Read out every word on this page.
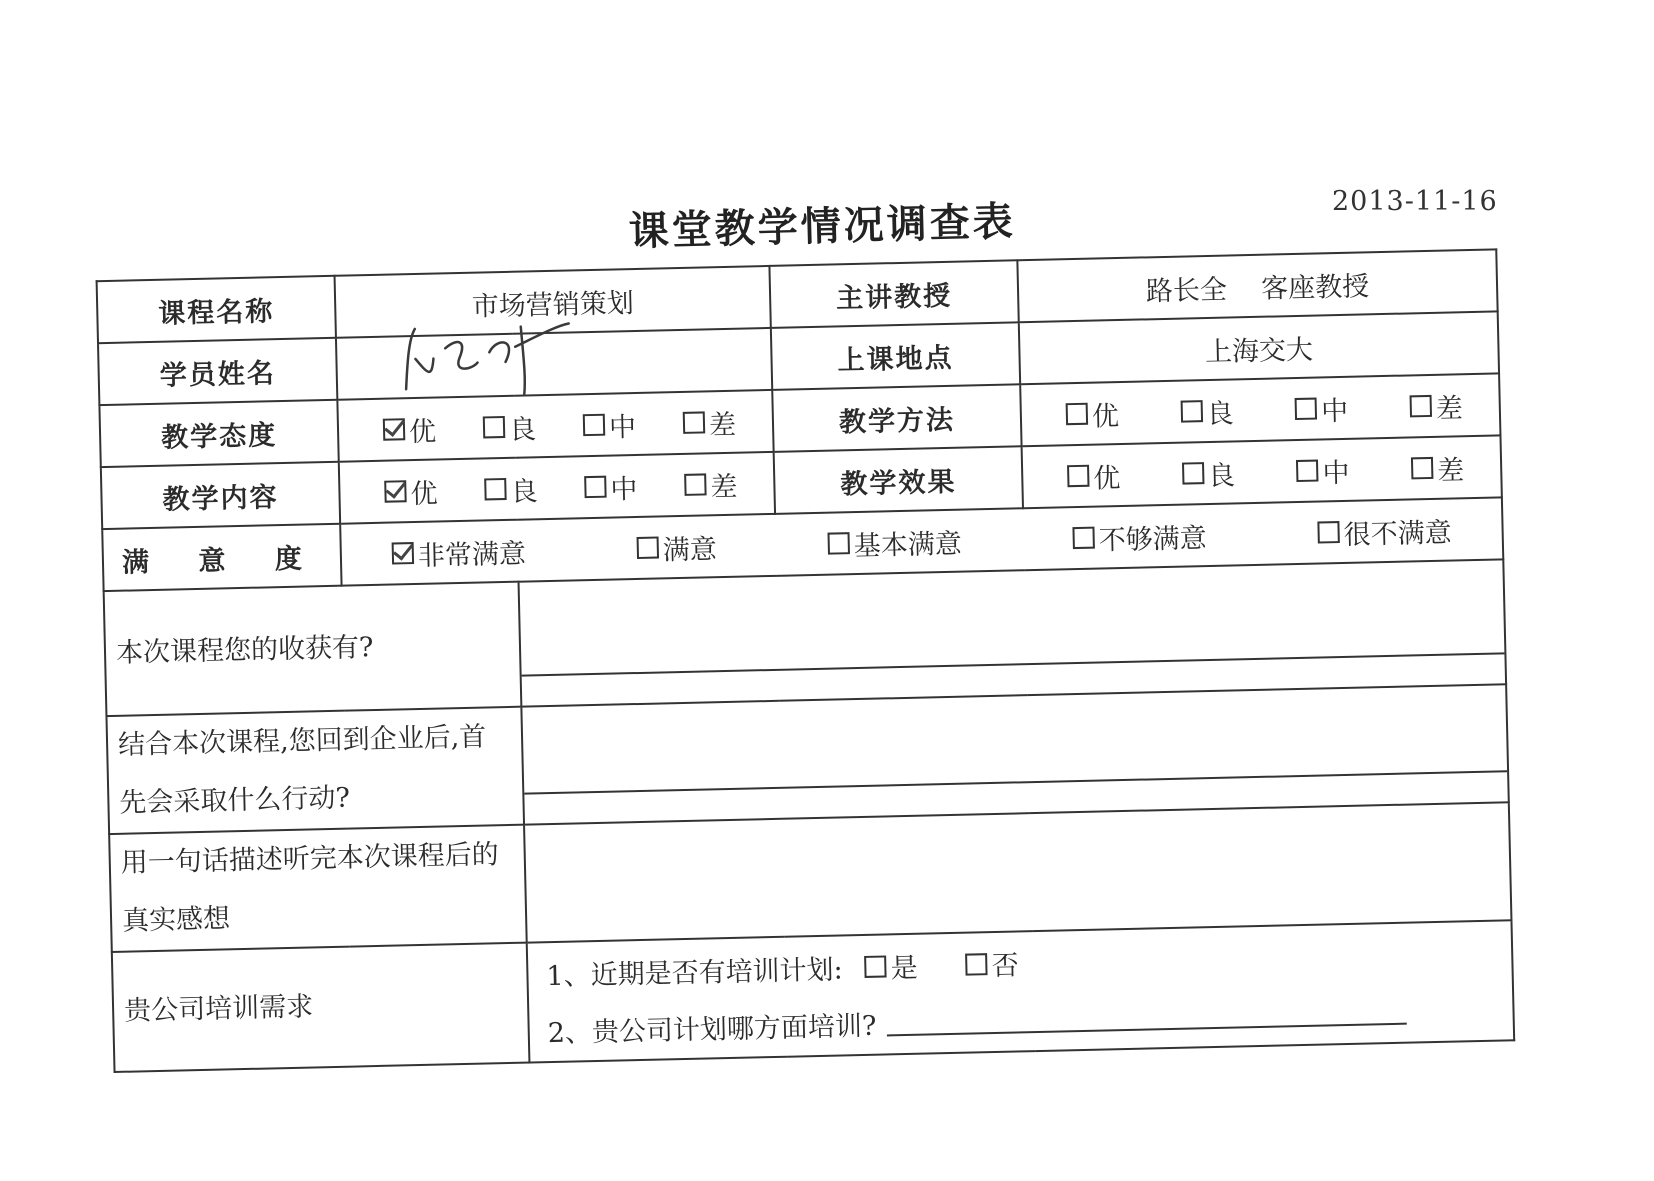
2013-11-16
课堂教学情况调查表
课程名称	市场营销策划		主讲教授	路长全    客座教授
学员姓名			上课地点	上海交大
教学态度	优 良 中 差		教学方法	优 良 中 差

教学内容	优 良 中 差		教学效果	优 良 中 差

满 意 度	非常满意 满意 基本满意 不够满意 很不满意			

本次课程您的收获有?				

结合本次课程,您回到企业后,首先会采取什么行动?				

用一句话描述听完本次课程后的真实感想				
贵公司培训需求		1、近期是否有培训计划: 是 否
2、贵公司计划哪方面培训?		
